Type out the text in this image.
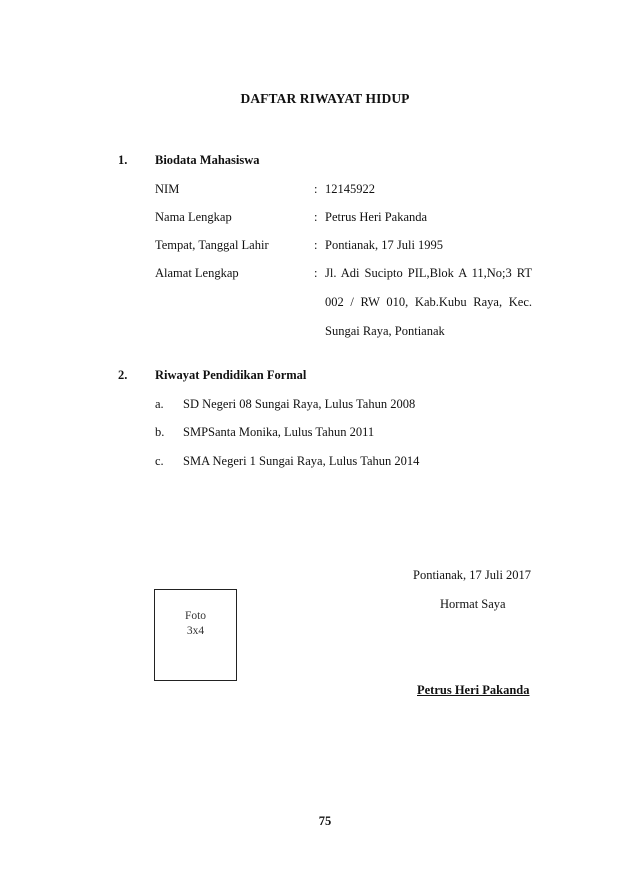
DAFTAR RIWAYAT HIDUP
1. Biodata Mahasiswa
NIM	: 12145922
Nama Lengkap	: Petrus Heri Pakanda
Tempat, Tanggal Lahir	: Pontianak, 17 Juli 1995
Alamat Lengkap	: Jl. Adi Sucipto PIL,Blok A 11,No;3 RT
002 / RW 010, Kab.Kubu Raya, Kec.
Sungai Raya, Pontianak
2. Riwayat Pendidikan Formal
a. SD Negeri 08 Sungai Raya, Lulus Tahun 2008
b. SMPSanta Monika, Lulus Tahun 2011
c. SMA Negeri 1 Sungai Raya, Lulus Tahun 2014
Foto
3x4
Pontianak, 17 Juli 2017
Hormat Saya
Petrus Heri Pakanda
75
